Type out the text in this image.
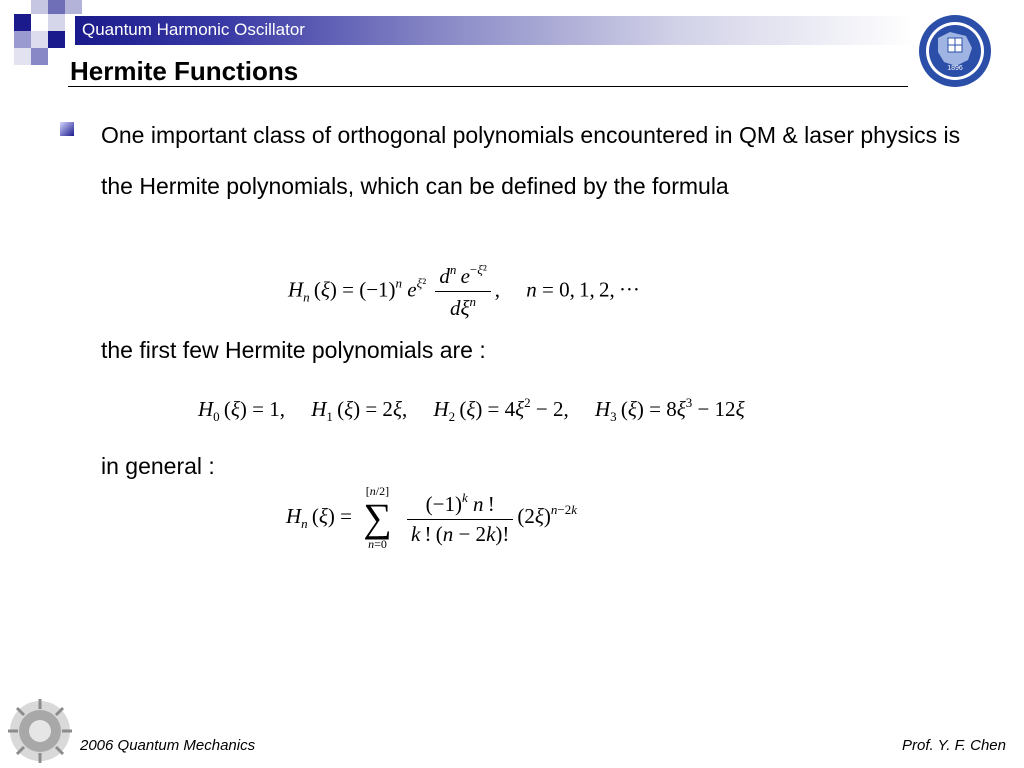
Quantum Harmonic Oscillator
Hermite Functions	1896
One important class of orthogonal polynomials encountered in QM & laser physics is the Hermite polynomials, which can be defined by the formula
$H_n$ $(\xi) = (-1)^n$ $e^{\xi^2} \frac{d^n e^{-\xi^2}}{d\xi^n}$ ,     n = 0, 1, 2, ···
the first few Hermite polynomials are :
$H_0$ (ξ) = 1,     $H_1$ (ξ) = 2ξ,     $H_2$ $(\xi) = 4\xi^2 - 2$,     $H_3$ $(\xi) = 8\xi^3 - 12\xi$
in general :
$H_n$ (ξ) =
[n/2]
∑
n=0
$\frac{(-1)^k n !}{k ! (n - 2k)!} (2\xi)^{n-2k}$
2006 Quantum Mechanics	Prof. Y. F. Chen
